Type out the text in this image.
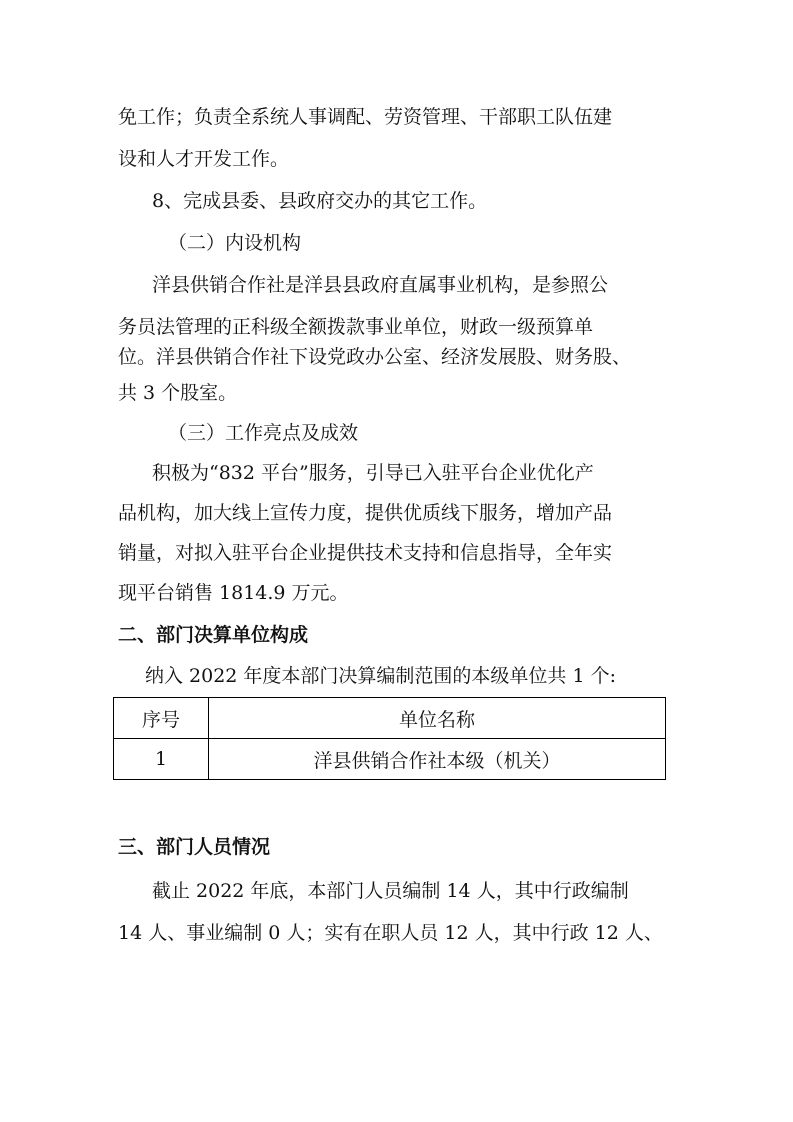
免工作；负责全系统人事调配、劳资管理、干部职工队伍建
设和人才开发工作。
8、完成县委、县政府交办的其它工作。
（二）内设机构
洋县供销合作社是洋县县政府直属事业机构，是参照公
务员法管理的正科级全额拨款事业单位，财政一级预算单
位。洋县供销合作社下设党政办公室、经济发展股、财务股、
共 3 个股室。
（三）工作亮点及成效
积极为“832 平台”服务，引导已入驻平台企业优化产
品机构，加大线上宣传力度，提供优质线下服务，增加产品
销量，对拟入驻平台企业提供技术支持和信息指导，全年实
现平台销售 1814.9 万元。
二、部门决算单位构成
纳入 2022 年度本部门决算编制范围的本级单位共 1 个:
序号	单位名称
1	洋县供销合作社本级（机关）
三、部门人员情况
截止 2022 年底，本部门人员编制 14 人，其中行政编制
14 人、事业编制 0 人；实有在职人员 12 人，其中行政 12 人、
